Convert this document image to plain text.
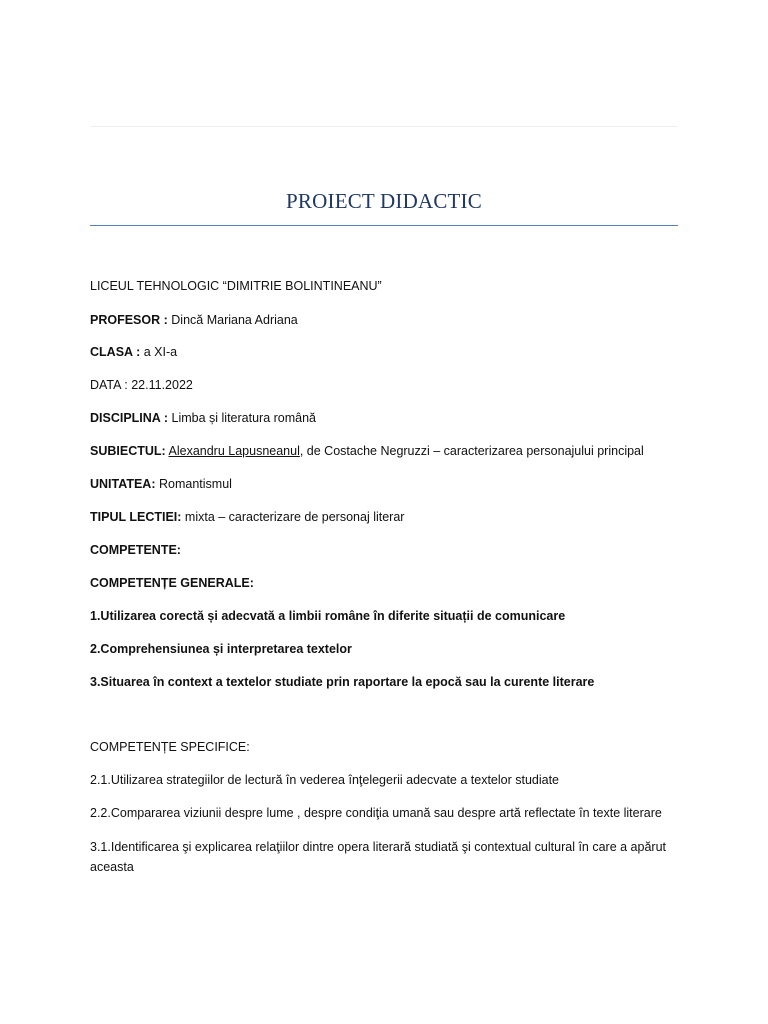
PROIECT DIDACTIC
LICEUL TEHNOLOGIC “DIMITRIE BOLINTINEANU”
PROFESOR : Dincă Mariana Adriana
CLASA : a XI-a
DATA : 22.11.2022
DISCIPLINA : Limba și literatura română
SUBIECTUL: Alexandru Lapusneanul, de Costache Negruzzi – caracterizarea personajului principal
UNITATEA: Romantismul
TIPUL LECTIEI: mixta – caracterizare de personaj literar
COMPETENTE:
COMPETENȚE GENERALE:
1.Utilizarea corectă și adecvată a limbii române în diferite situații de comunicare
2.Comprehensiunea și interpretarea textelor
3.Situarea în context a textelor studiate prin raportare la epocă sau la curente literare
COMPETENȚE SPECIFICE:
2.1.Utilizarea strategiilor de lectură în vederea înţelegerii adecvate a textelor studiate
2.2.Compararea viziunii despre lume , despre condiţia umană sau despre artă reflectate în texte literare
3.1.Identificarea şi explicarea relaţiilor dintre opera literară studiată şi contextual cultural în care a apărut aceasta
